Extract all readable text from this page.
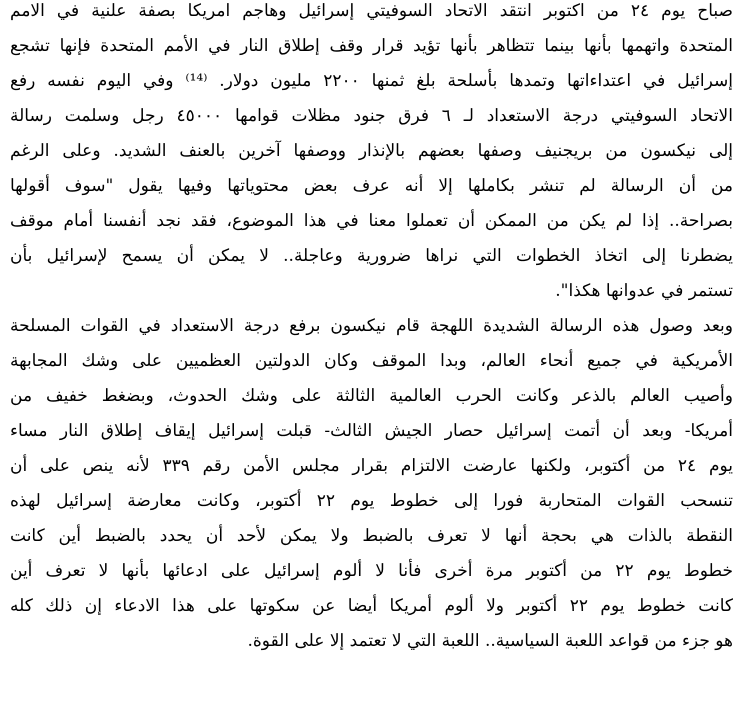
صباح يوم ٢٤ من اكتوبر انتقد الاتحاد السوفيتي إسرائيل وهاجم امريكا بصفة علنية في الامم
المتحدة واتهمها بأنها بينما تتظاهر بأنها تؤيد قرار وقف إطلاق النار في الأمم المتحدة فإنها تشجع
إسرائيل في اعتداءاتها وتمدها بأسلحة بلغ ثمنها ٢٢٠٠ مليون دولار. ⁽¹⁴⁾ وفي اليوم نفسه رفع
الاتحاد السوفيتي درجة الاستعداد لـ ٦ فرق جنود مظلات قوامها ٤٥٠٠٠ رجل وسلمت رسالة
إلى نيكسون من بريجنيف وصفها بعضهم بالإنذار ووصفها آخرين بالعنف الشديد. وعلى الرغم
من أن الرسالة لم تنشر بكاملها إلا أنه عرف بعض محتوياتها وفيها يقول "سوف أقولها
بصراحة.. إذا لم يكن من الممكن أن تعملوا معنا في هذا الموضوع، فقد نجد أنفسنا أمام موقف
يضطرنا إلى اتخاذ الخطوات التي نراها ضرورية وعاجلة.. لا يمكن أن يسمح لإسرائيل بأن
تستمر في عدوانها هكذا".
وبعد وصول هذه الرسالة الشديدة اللهجة قام نيكسون برفع درجة الاستعداد في القوات المسلحة
الأمريكية في جميع أنحاء العالم، وبدا الموقف وكان الدولتين العظميين على وشك المجابهة
وأصيب العالم بالذعر وكانت الحرب العالمية الثالثة على وشك الحدوث، وبضغط خفيف من
أمريكا- وبعد أن أتمت إسرائيل حصار الجيش الثالث- قبلت إسرائيل إيقاف إطلاق النار مساء
يوم ٢٤ من أكتوبر، ولكنها عارضت الالتزام بقرار مجلس الأمن رقم ٣٣٩ لأنه ينص على أن
تنسحب القوات المتحاربة فورا إلى خطوط يوم ٢٢ أكتوبر، وكانت معارضة إسرائيل لهذه
النقطة بالذات هي بحجة أنها لا تعرف بالضبط ولا يمكن لأحد أن يحدد بالضبط أين كانت
خطوط يوم ٢٢ من أكتوبر مرة أخرى فأنا لا ألوم إسرائيل على ادعائها بأنها لا تعرف أين
كانت خطوط يوم ٢٢ أكتوبر ولا ألوم أمريكا أيضا عن سكوتها على هذا الادعاء إن ذلك كله
هو جزء من قواعد اللعبة السياسية.. اللعبة التي لا تعتمد إلا على القوة.
